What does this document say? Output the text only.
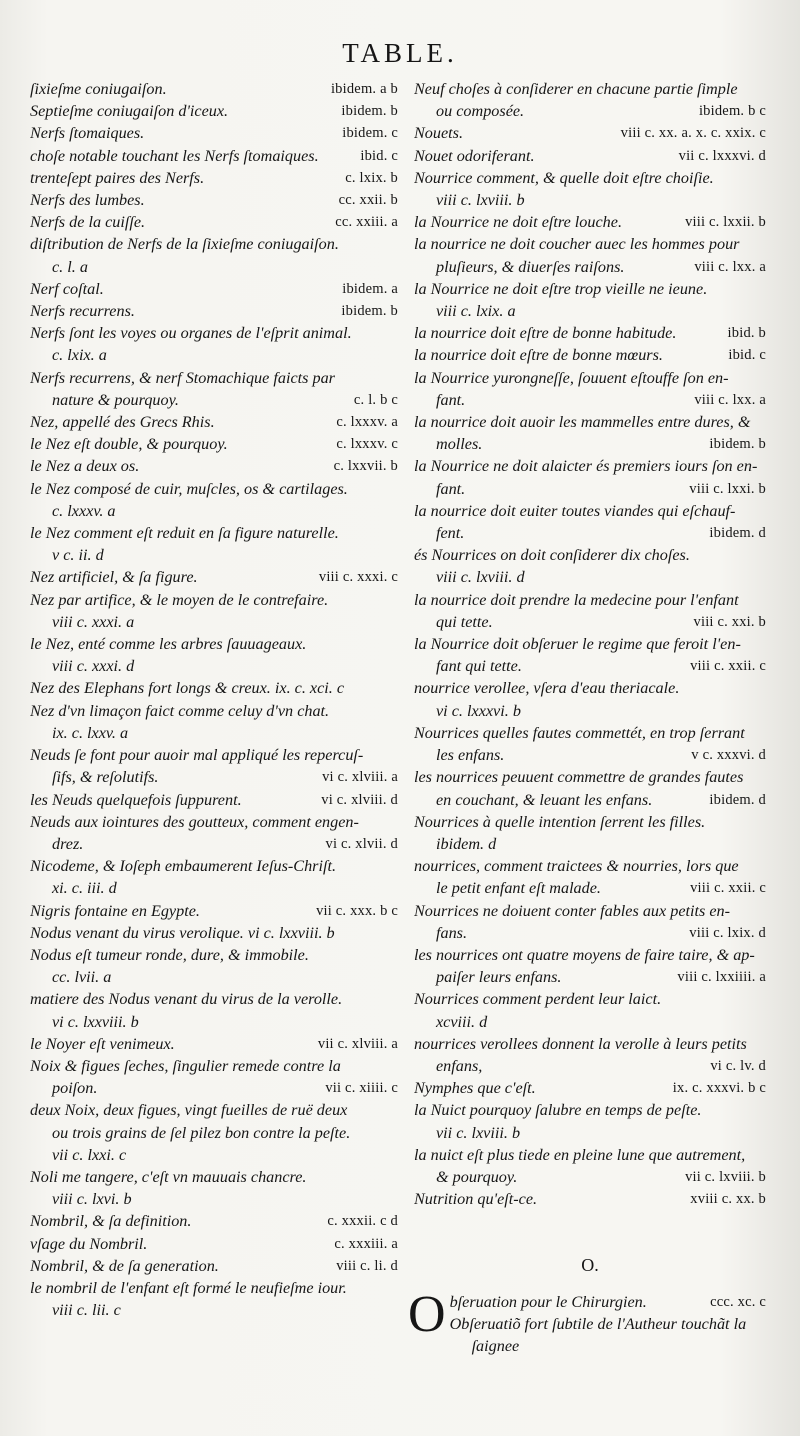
TABLE.
ibidem. a b
ſixieſme coniugaiſon.
ibidem. b
Septieſme coniugaiſon d'iceux.
ibidem. c
Nerfs ſtomaiques.
ibid. c
choſe notable touchant les Nerfs ſtomaiques.
c. lxix. b
trenteſept paires des Nerfs.
cc. xxii. b
Nerfs des lumbes.
cc. xxiii. a
Nerfs de la cuiſſe.
diſtribution de Nerfs de la ſixieſme coniugaiſon.
c. l. a
ibidem. a
Nerf coſtal.
ibidem. b
Nerfs recurrens.
Nerfs ſont les voyes ou organes de l'eſprit animal.
c. lxix. a
Nerfs recurrens, & nerf Stomachique faicts par
c. l. b c
nature & pourquoy.
c. lxxxv. a
Nez, appellé des Grecs Rhis.
c. lxxxv. c
le Nez eſt double, & pourquoy.
c. lxxvii. b
le Nez a deux os.
le Nez composé de cuir, muſcles, os & cartilages.
c. lxxxv. a
le Nez comment eſt reduit en ſa figure naturelle.
v c. ii. d
viii c. xxxi. c
Nez artificiel, & ſa figure.
Nez par artifice, & le moyen de le contrefaire.
viii c. xxxi. a
le Nez, enté comme les arbres ſauuageaux.
viii c. xxxi. d
Nez des Elephans fort longs & creux. ix. c. xci. c
Nez d'vn limaçon faict comme celuy d'vn chat.
ix. c. lxxv. a
Neuds ſe font pour auoir mal appliqué les repercuſ-
vi c. xlviii. a
ſifs, & reſolutifs.
vi c. xlviii. d
les Neuds quelquefois ſuppurent.
Neuds aux iointures des goutteux, comment engen-
vi c. xlvii. d
drez.
Nicodeme, & Ioſeph embaumerent Ieſus-Chriſt.
xi. c. iii. d
vii c. xxx. b c
Nigris fontaine en Egypte.
Nodus venant du virus verolique. vi c. lxxviii. b
Nodus eſt tumeur ronde, dure, & immobile.
cc. lvii. a
matiere des Nodus venant du virus de la verolle.
vi c. lxxviii. b
vii c. xlviii. a
le Noyer eſt venimeux.
Noix & figues ſeches, ſingulier remede contre la
vii c. xiiii. c
poiſon.
deux Noix, deux figues, vingt fueilles de ruë deux
ou trois grains de ſel pilez bon contre la peſte.
vii c. lxxi. c
Noli me tangere, c'eſt vn mauuais chancre.
viii c. lxvi. b
c. xxxii. c d
Nombril, & ſa definition.
c. xxxiii. a
vſage du Nombril.
viii c. li. d
Nombril, & de ſa generation.
le nombril de l'enfant eſt formé le neufieſme iour.
viii c. lii. c
Neuf choſes à conſiderer en chacune partie ſimple
ibidem. b c
ou composée.
viii c. xx. a. x. c. xxix. c
Nouets.
vii c. lxxxvi. d
Nouet odoriferant.
Nourrice comment, & quelle doit eſtre choiſie.
viii c. lxviii. b
viii c. lxxii. b
la Nourrice ne doit eſtre louche.
la nourrice ne doit coucher auec les hommes pour
viii c. lxx. a
pluſieurs, & diuerſes raiſons.
la Nourrice ne doit eſtre trop vieille ne ieune.
viii c. lxix. a
ibid. b
la nourrice doit eſtre de bonne habitude.
ibid. c
la nourrice doit eſtre de bonne mœurs.
la Nourrice yurongneſſe, ſouuent eſtouffe ſon en-
viii c. lxx. a
fant.
la nourrice doit auoir les mammelles entre dures, &
ibidem. b
molles.
la Nourrice ne doit alaicter és premiers iours ſon en-
viii c. lxxi. b
fant.
la nourrice doit euiter toutes viandes qui eſchauf-
ibidem. d
fent.
és Nourrices on doit conſiderer dix choſes.
viii c. lxviii. d
la nourrice doit prendre la medecine pour l'enfant
viii c. xxi. b
qui tette.
la Nourrice doit obſeruer le regime que feroit l'en-
viii c. xxii. c
fant qui tette.
nourrice verollee, vſera d'eau theriacale.
vi c. lxxxvi. b
Nourrices quelles fautes commettét, en trop ſerrant
v c. xxxvi. d
les enfans.
les nourrices peuuent commettre de grandes fautes
ibidem. d
en couchant, & leuant les enfans.
Nourrices à quelle intention ſerrent les filles.
ibidem. d
nourrices, comment traictees & nourries, lors que
viii c. xxii. c
le petit enfant eſt malade.
Nourrices ne doiuent conter fables aux petits en-
viii c. lxix. d
fans.
les nourrices ont quatre moyens de faire taire, & ap-
viii c. lxxiiii. a
paiſer leurs enfans.
Nourrices comment perdent leur laict.
xcviii. d
nourrices verollees donnent la verolle à leurs petits
vi c. lv. d
enfans,
ix. c. xxxvi. b c
Nymphes que c'eſt.
la Nuict pourquoy ſalubre en temps de peſte.
vii c. lxviii. b
la nuict eſt plus tiede en pleine lune que autrement,
vii c. lxviii. b
& pourquoy.
xviii c. xx. b
Nutrition qu'eſt-ce.
O.
O	ccc. xc. c
bſeruation pour le Chirurgien.
Obſeruatiõ fort ſubtile de l'Autheur touchãt la
ſaignee
